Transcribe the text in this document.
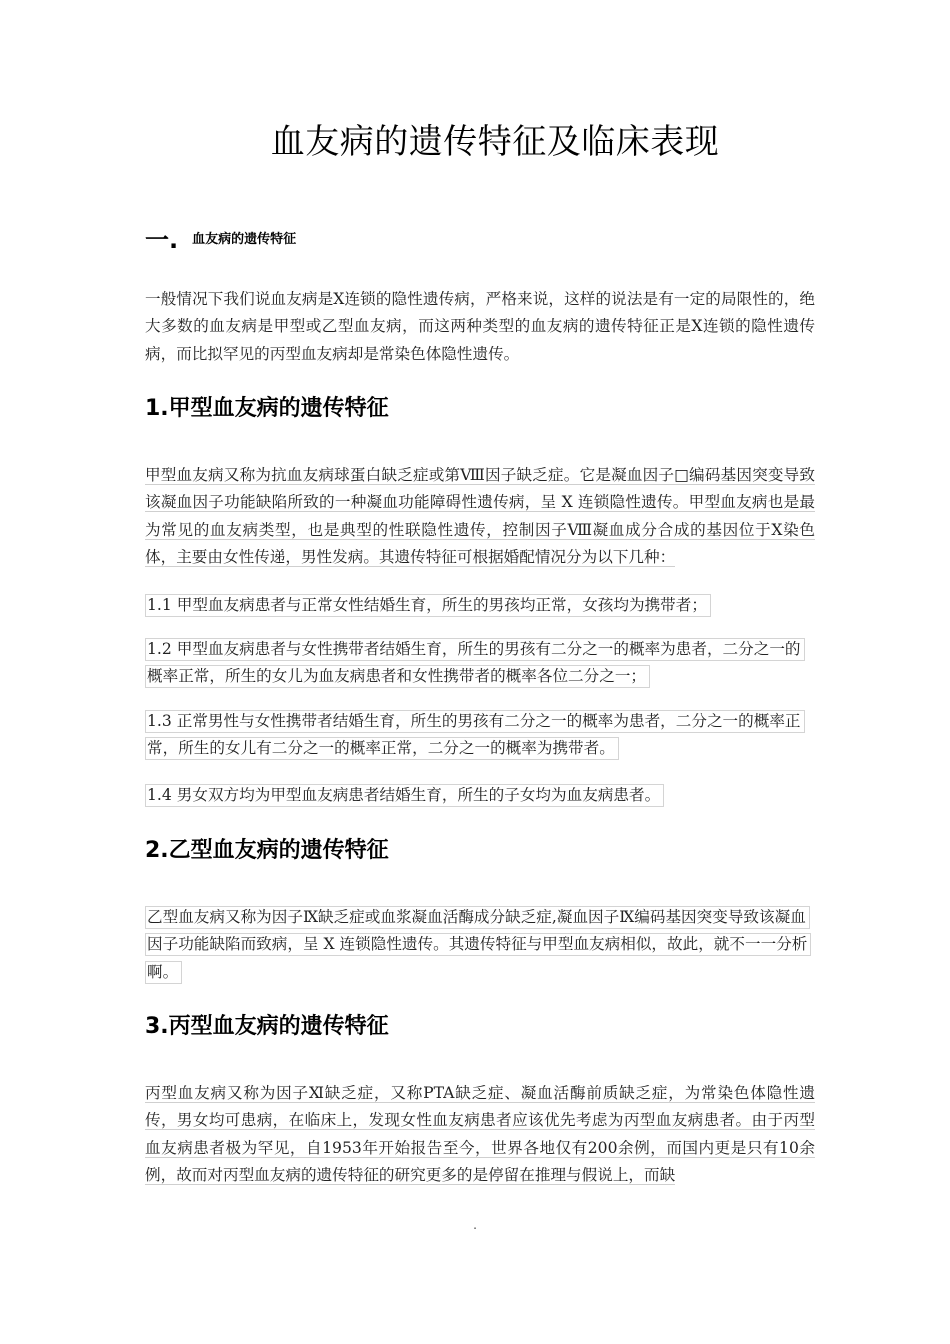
血友病的遗传特征及临床表现
一. 血友病的遗传特征

一般情况下我们说血友病是X连锁的隐性遗传病，严格来说，这样的说法是有一定的局限性的，绝大多数的血友病是甲型或乙型血友病，而这两种类型的血友病的遗传特征正是X连锁的隐性遗传病，而比拟罕见的丙型血友病却是常染色体隐性遗传。

1.甲型血友病的遗传特征

甲型血友病又称为抗血友病球蛋白缺乏症或第Ⅷ因子缺乏症。它是凝血因子□编码基因突变导致该凝血因子功能缺陷所致的一种凝血功能障碍性遗传病，呈 X 连锁隐性遗传。甲型血友病也是最为常见的血友病类型，也是典型的性联隐性遗传，控制因子Ⅷ凝血成分合成的基因位于X染色体，主要由女性传递，男性发病。其遗传特征可根据婚配情况分为以下几种：

1.1 甲型血友病患者与正常女性结婚生育，所生的男孩均正常，女孩均为携带者；

1.2 甲型血友病患者与女性携带者结婚生育，所生的男孩有二分之一的概率为患者，二分之一的概率正常，所生的女儿为血友病患者和女性携带者的概率各位二分之一；

1.3 正常男性与女性携带者结婚生育，所生的男孩有二分之一的概率为患者，二分之一的概率正常，所生的女儿有二分之一的概率正常，二分之一的概率为携带者。

1.4 男女双方均为甲型血友病患者结婚生育，所生的子女均为血友病患者。

2.乙型血友病的遗传特征

乙型血友病又称为因子Ⅸ缺乏症或血浆凝血活酶成分缺乏症,凝血因子Ⅸ编码基因突变导致该凝血因子功能缺陷而致病，呈 X 连锁隐性遗传。其遗传特征与甲型血友病相似，故此，就不一一分析啊。

3.丙型血友病的遗传特征

丙型血友病又称为因子Ⅺ缺乏症，又称PTA缺乏症、凝血活酶前质缺乏症，为常染色体隐性遗传，男女均可患病，在临床上，发现女性血友病患者应该优先考虑为丙型血友病患者。由于丙型血友病患者极为罕见，自1953年开始报告至今，世界各地仅有200余例，而国内更是只有10余例，故而对丙型血友病的遗传特征的研究更多的是停留在推理与假说上，而缺

.
